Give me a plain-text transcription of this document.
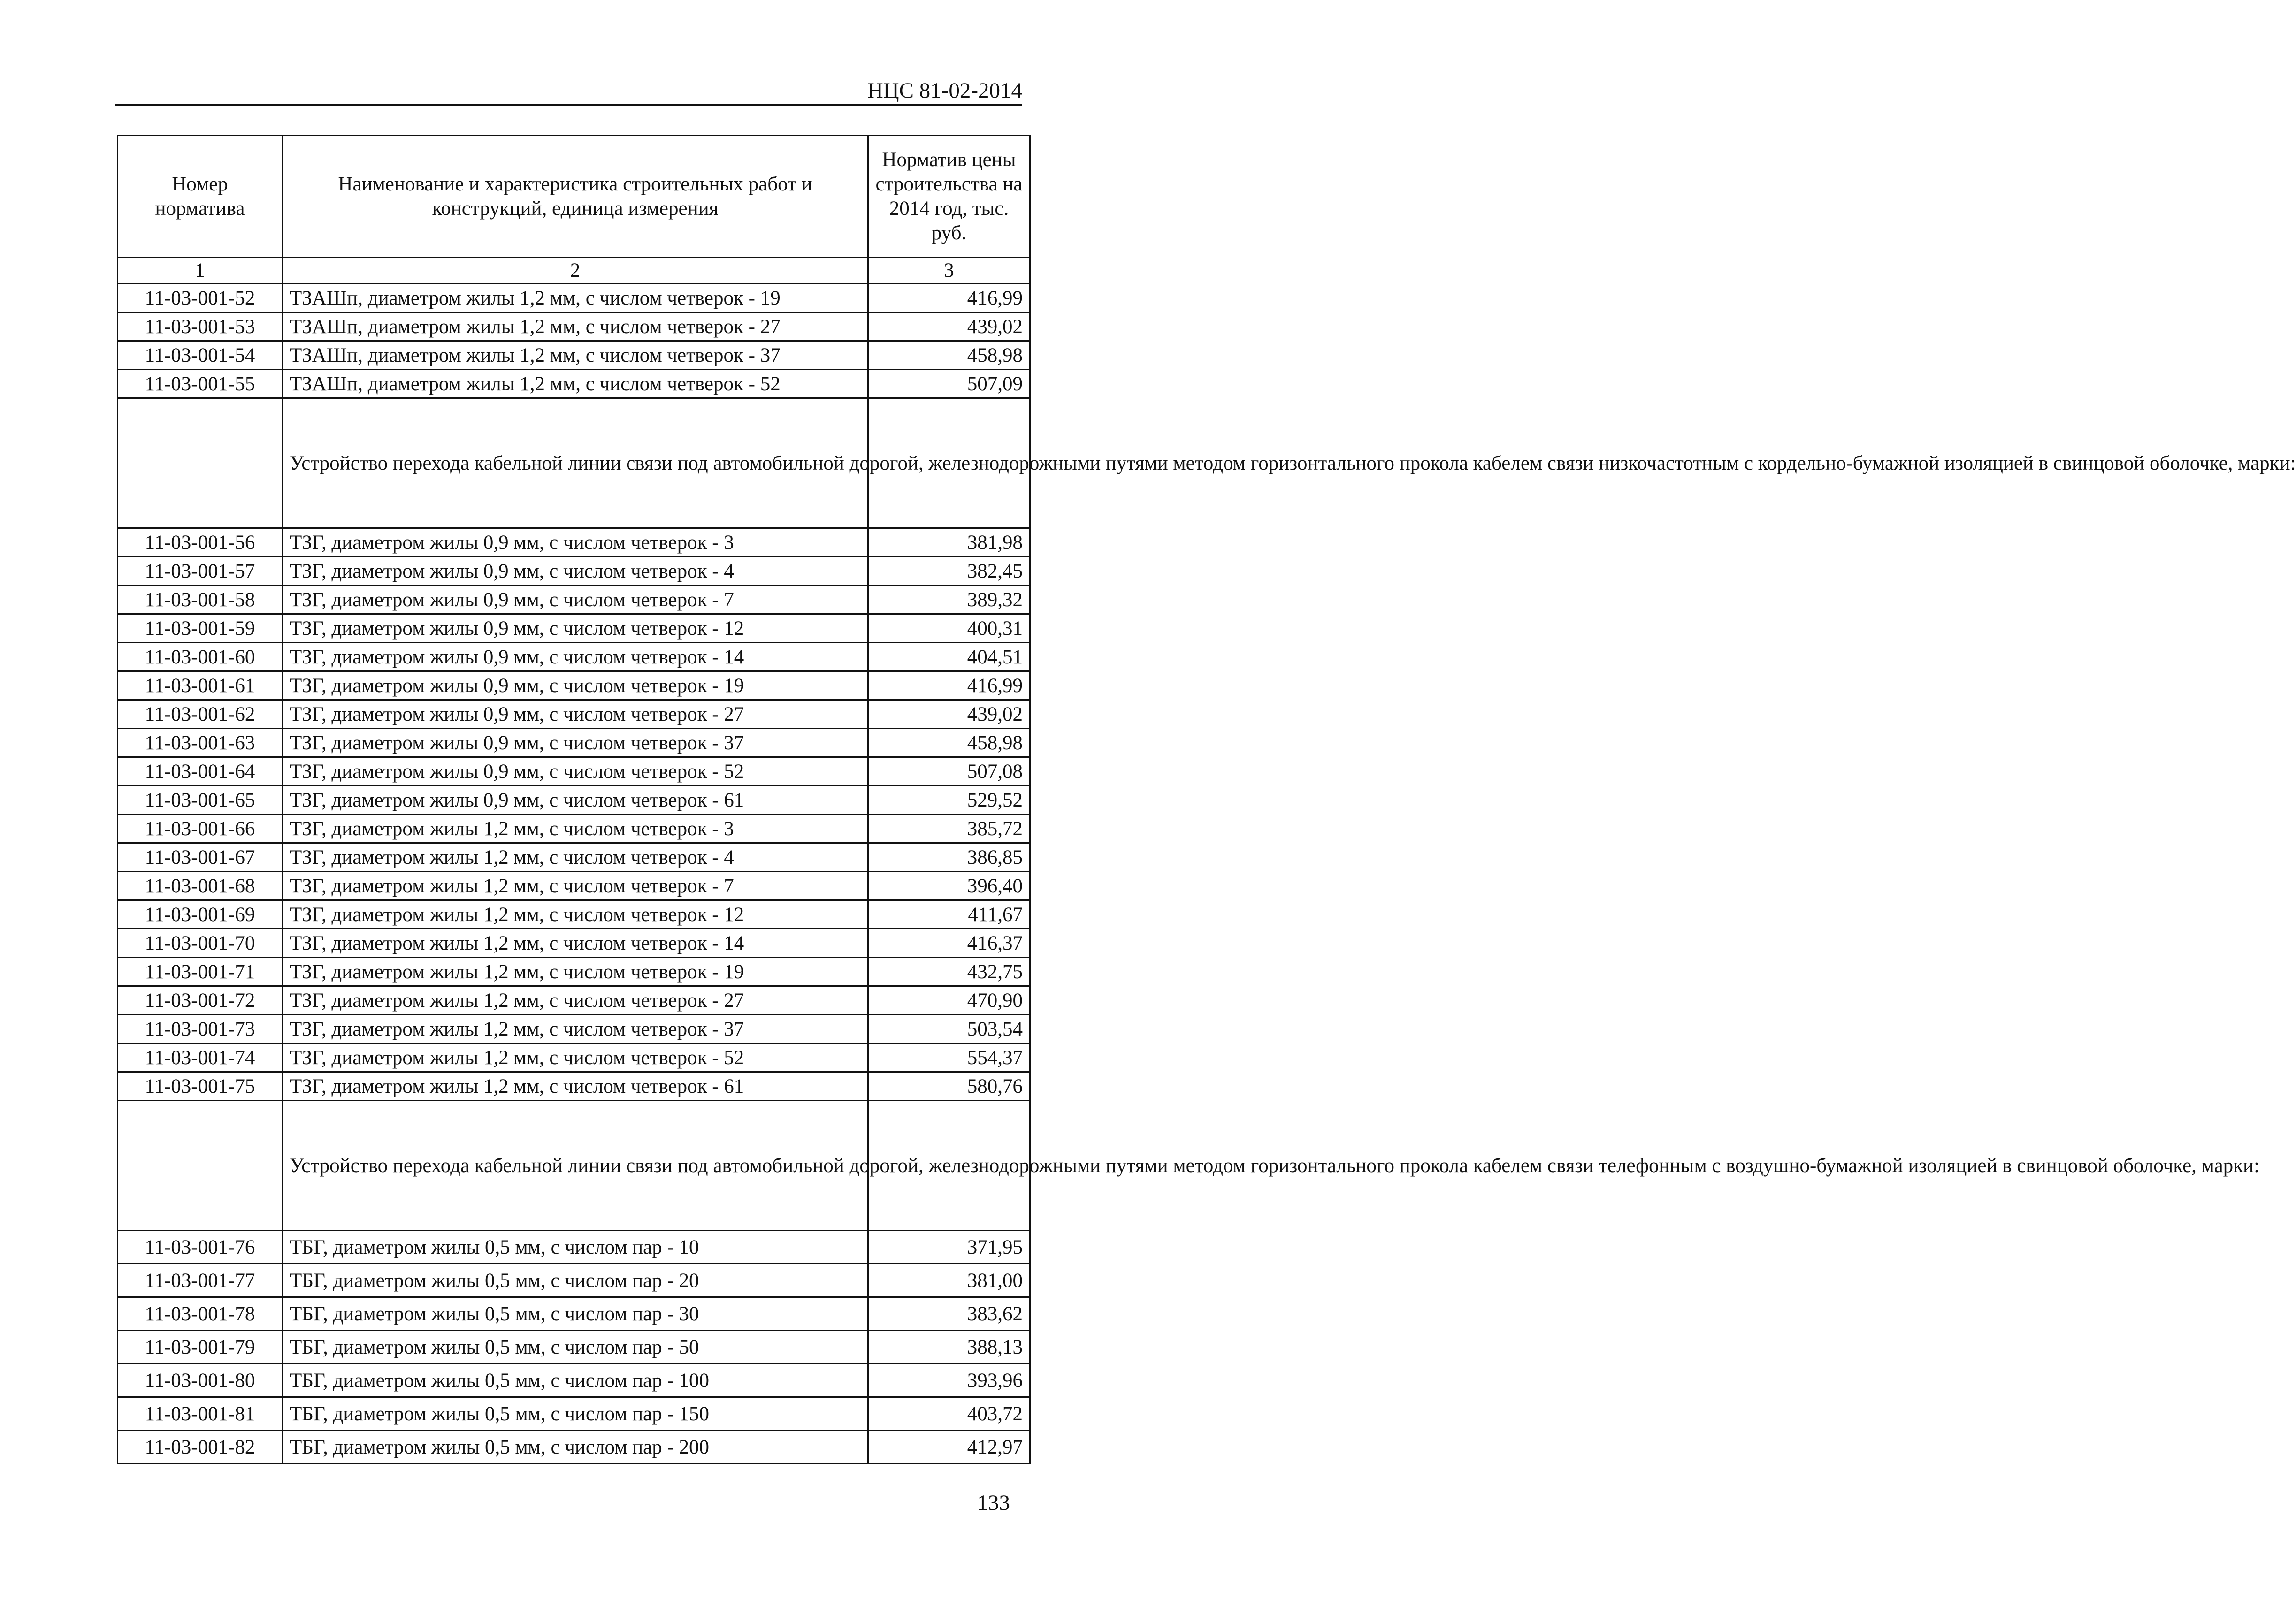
НЦС 81-02-2014
Номер норматива	Наименование и характеристика строительных работ и конструкций, единица измерения	Норматив цены строительства на 2014 год, тыс. руб.
1	2	3
11-03-001-52	ТЗАШп, диаметром жилы 1,2 мм, с числом четверок - 19	416,99
11-03-001-53	ТЗАШп, диаметром жилы 1,2 мм, с числом четверок - 27	439,02
11-03-001-54	ТЗАШп, диаметром жилы 1,2 мм, с числом четверок - 37	458,98
11-03-001-55	ТЗАШп, диаметром жилы 1,2 мм, с числом четверок - 52	507,09
	Устройство перехода кабельной линии связи под автомобильной дорогой, железнодорожными путями методом горизонтального прокола кабелем связи низкочастотным с кордельно-бумажной изоляцией в свинцовой оболочке, марки:	
11-03-001-56	ТЗГ, диаметром жилы 0,9 мм, с числом четверок - 3	381,98
11-03-001-57	ТЗГ, диаметром жилы 0,9 мм, с числом четверок - 4	382,45
11-03-001-58	ТЗГ, диаметром жилы 0,9 мм, с числом четверок - 7	389,32
11-03-001-59	ТЗГ, диаметром жилы 0,9 мм, с числом четверок - 12	400,31
11-03-001-60	ТЗГ, диаметром жилы 0,9 мм, с числом четверок - 14	404,51
11-03-001-61	ТЗГ, диаметром жилы 0,9 мм, с числом четверок - 19	416,99
11-03-001-62	ТЗГ, диаметром жилы 0,9 мм, с числом четверок - 27	439,02
11-03-001-63	ТЗГ, диаметром жилы 0,9 мм, с числом четверок - 37	458,98
11-03-001-64	ТЗГ, диаметром жилы 0,9 мм, с числом четверок - 52	507,08
11-03-001-65	ТЗГ, диаметром жилы 0,9 мм, с числом четверок - 61	529,52
11-03-001-66	ТЗГ, диаметром жилы 1,2 мм, с числом четверок - 3	385,72
11-03-001-67	ТЗГ, диаметром жилы 1,2 мм, с числом четверок - 4	386,85
11-03-001-68	ТЗГ, диаметром жилы 1,2 мм, с числом четверок - 7	396,40
11-03-001-69	ТЗГ, диаметром жилы 1,2 мм, с числом четверок - 12	411,67
11-03-001-70	ТЗГ, диаметром жилы 1,2 мм, с числом четверок - 14	416,37
11-03-001-71	ТЗГ, диаметром жилы 1,2 мм, с числом четверок - 19	432,75
11-03-001-72	ТЗГ, диаметром жилы 1,2 мм, с числом четверок - 27	470,90
11-03-001-73	ТЗГ, диаметром жилы 1,2 мм, с числом четверок - 37	503,54
11-03-001-74	ТЗГ, диаметром жилы 1,2 мм, с числом четверок - 52	554,37
11-03-001-75	ТЗГ, диаметром жилы 1,2 мм, с числом четверок - 61	580,76
	Устройство перехода кабельной линии связи под автомобильной дорогой, железнодорожными путями методом горизонтального прокола кабелем связи телефонным с воздушно-бумажной изоляцией в свинцовой оболочке, марки:	
11-03-001-76	ТБГ, диаметром жилы 0,5 мм, с числом пар - 10	371,95
11-03-001-77	ТБГ, диаметром жилы 0,5 мм, с числом пар - 20	381,00
11-03-001-78	ТБГ, диаметром жилы 0,5 мм, с числом пар - 30	383,62
11-03-001-79	ТБГ, диаметром жилы 0,5 мм, с числом пар - 50	388,13
11-03-001-80	ТБГ, диаметром жилы 0,5 мм, с числом пар - 100	393,96
11-03-001-81	ТБГ, диаметром жилы 0,5 мм, с числом пар - 150	403,72
11-03-001-82	ТБГ, диаметром жилы 0,5 мм, с числом пар - 200	412,97
133
